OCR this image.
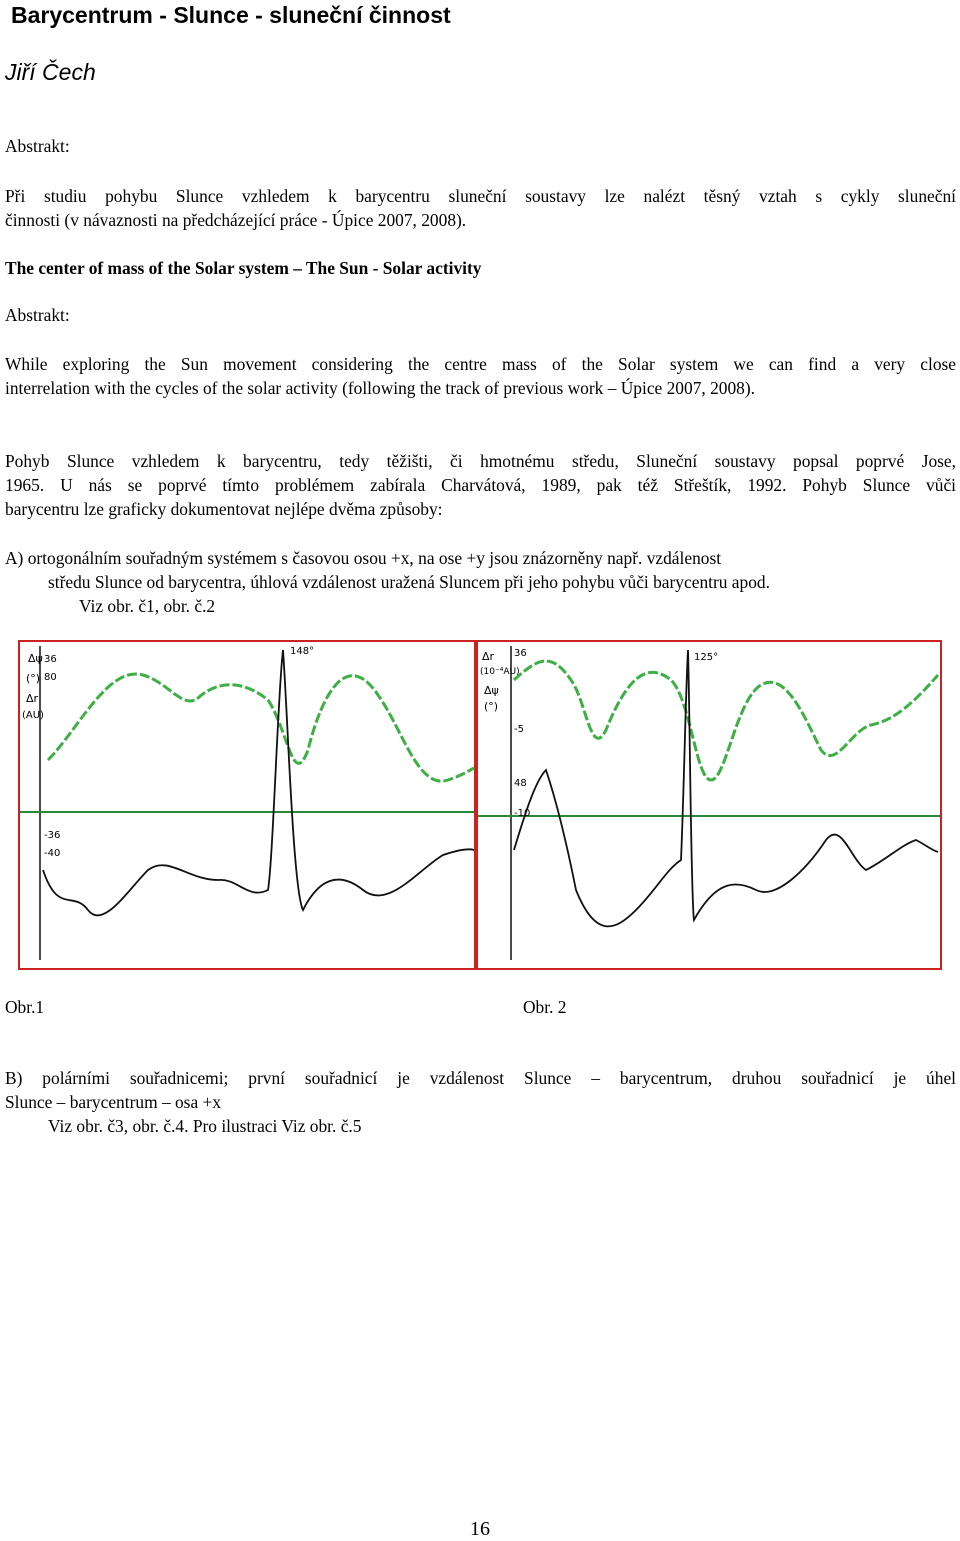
Barycentrum - Slunce - sluneční činnost
Jiří Čech
Abstrakt:
Při studiu pohybu Slunce vzhledem k barycentru sluneční soustavy lze nalézt těsný vztah s cykly sluneční
činnosti (v návaznosti na předcházející práce - Úpice 2007, 2008).
The center of mass of the Solar system – The Sun - Solar activity
Abstrakt:
While exploring the Sun movement considering the centre mass of the Solar system we can find a very close
interrelation with the cycles of the solar activity (following the track of previous work – Úpice 2007, 2008).
Pohyb Slunce vzhledem k barycentru, tedy těžišti, či hmotnému středu, Sluneční soustavy popsal poprvé Jose,
1965. U nás se poprvé tímto problémem zabírala Charvátová, 1989, pak též Střeštík, 1992. Pohyb Slunce vůči
barycentru lze graficky dokumentovat nejlépe dvěma způsoby:
A) ortogonálním souřadným systémem s časovou osou +x, na ose +y jsou znázorněny např. vzdálenost
středu Slunce od barycentra, úhlová vzdálenost uražená Sluncem při jeho pohybu vůči barycentru apod.
Viz obr. č1, obr. č.2
Δψ
(°)
Δr
(AU)
36
80
-36
-40
148°	Δr
(10⁻⁴AU)
Δψ
(°)
36
-5
48
-10
125°
Obr.1	Obr. 2
B) polárními souřadnicemi; první souřadnicí je vzdálenost Slunce – barycentrum, druhou souřadnicí je úhel
Slunce – barycentrum – osa +x
Viz obr. č3, obr. č.4. Pro ilustraci Viz obr. č.5
16
